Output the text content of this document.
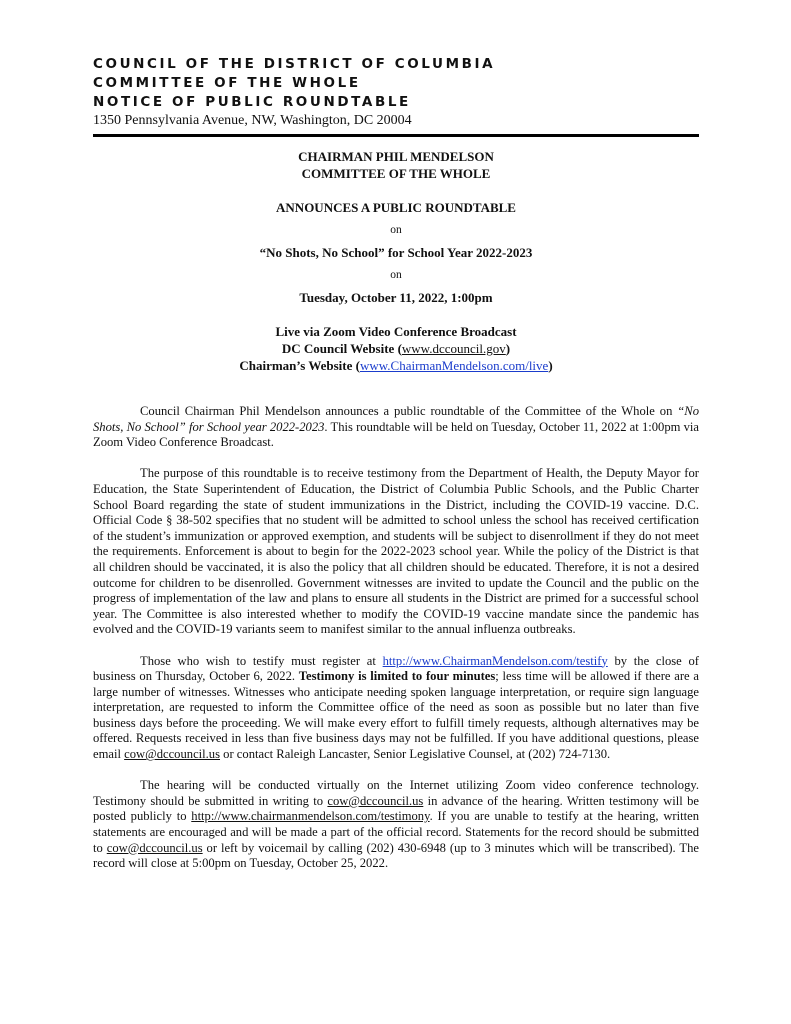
COUNCIL OF THE DISTRICT OF COLUMBIA
COMMITTEE OF THE WHOLE
NOTICE OF PUBLIC ROUNDTABLE
1350 Pennsylvania Avenue, NW, Washington, DC 20004
CHAIRMAN PHIL MENDELSON
COMMITTEE OF THE WHOLE
ANNOUNCES A PUBLIC ROUNDTABLE
on
“No Shots, No School” for School Year 2022-2023
on
Tuesday, October 11, 2022, 1:00pm
Live via Zoom Video Conference Broadcast
DC Council Website (www.dccouncil.gov)
Chairman’s Website (www.ChairmanMendelson.com/live)

Council Chairman Phil Mendelson announces a public roundtable of the Committee of the Whole on “No Shots, No School” for School year 2022-2023. This roundtable will be held on Tuesday, October 11, 2022 at 1:00pm via Zoom Video Conference Broadcast.

The purpose of this roundtable is to receive testimony from the Department of Health, the Deputy Mayor for Education, the State Superintendent of Education, the District of Columbia Public Schools, and the Public Charter School Board regarding the state of student immunizations in the District, including the COVID-19 vaccine. D.C. Official Code § 38-502 specifies that no student will be admitted to school unless the school has received certification of the student’s immunization or approved exemption, and students will be subject to disenrollment if they do not meet the requirements. Enforcement is about to begin for the 2022-2023 school year. While the policy of the District is that all children should be vaccinated, it is also the policy that all children should be educated. Therefore, it is not a desired outcome for children to be disenrolled. Government witnesses are invited to update the Council and the public on the progress of implementation of the law and plans to ensure all students in the District are primed for a successful school year. The Committee is also interested whether to modify the COVID-19 vaccine mandate since the pandemic has evolved and the COVID-19 variants seem to manifest similar to the annual influenza outbreaks.

Those who wish to testify must register at http://www.ChairmanMendelson.com/testify by the close of business on Thursday, October 6, 2022. Testimony is limited to four minutes; less time will be allowed if there are a large number of witnesses. Witnesses who anticipate needing spoken language interpretation, or require sign language interpretation, are requested to inform the Committee office of the need as soon as possible but no later than five business days before the proceeding. We will make every effort to fulfill timely requests, although alternatives may be offered. Requests received in less than five business days may not be fulfilled. If you have additional questions, please email cow@dccouncil.us or contact Raleigh Lancaster, Senior Legislative Counsel, at (202) 724-7130.

The hearing will be conducted virtually on the Internet utilizing Zoom video conference technology. Testimony should be submitted in writing to cow@dccouncil.us in advance of the hearing. Written testimony will be posted publicly to http://www.chairmanmendelson.com/testimony. If you are unable to testify at the hearing, written statements are encouraged and will be made a part of the official record. Statements for the record should be submitted to cow@dccouncil.us or left by voicemail by calling (202) 430-6948 (up to 3 minutes which will be transcribed). The record will close at 5:00pm on Tuesday, October 25, 2022.
